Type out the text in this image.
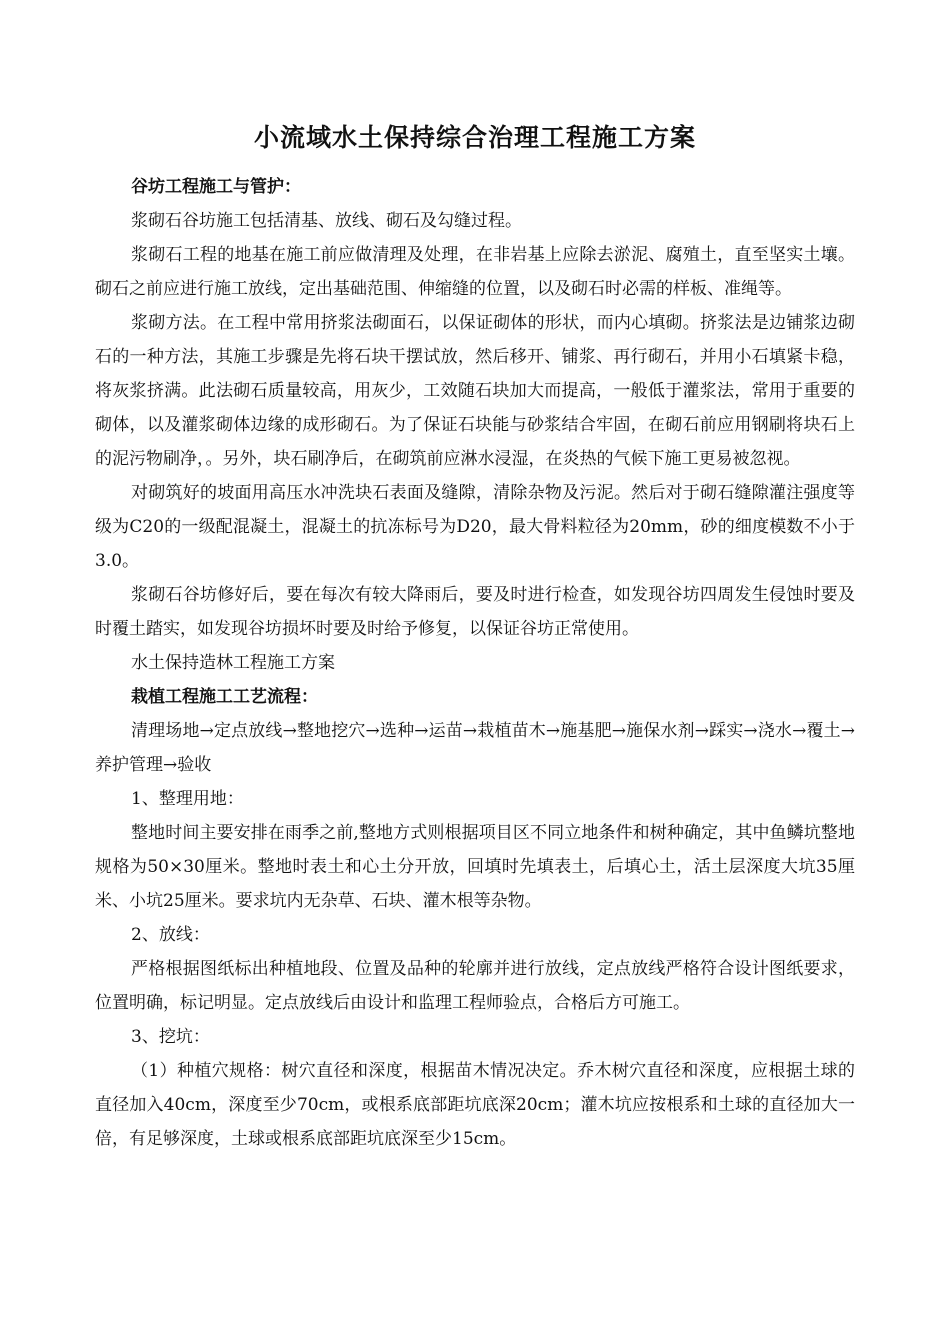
小流域水土保持综合治理工程施工方案

谷坊工程施工与管护：

浆砌石谷坊施工包括清基、放线、砌石及勾缝过程。

浆砌石工程的地基在施工前应做清理及处理，在非岩基上应除去淤泥、腐殖土，直至坚实土壤。砌石之前应进行施工放线，定出基础范围、伸缩缝的位置，以及砌石时必需的样板、准绳等。

浆砌方法。在工程中常用挤浆法砌面石，以保证砌体的形状，而内心填砌。挤浆法是边铺浆边砌石的一种方法，其施工步骤是先将石块干摆试放，然后移开、铺浆、再行砌石，并用小石填紧卡稳，将灰浆挤满。此法砌石质量较高，用灰少，工效随石块加大而提高，一般低于灌浆法，常用于重要的砌体，以及灌浆砌体边缘的成形砌石。为了保证石块能与砂浆结合牢固，在砌石前应用钢刷将块石上的泥污物刷净，。另外，块石刷净后，在砌筑前应淋水浸湿，在炎热的气候下施工更易被忽视。

对砌筑好的坡面用高压水冲洗块石表面及缝隙，清除杂物及污泥。然后对于砌石缝隙灌注强度等级为C20的一级配混凝土，混凝土的抗冻标号为D20，最大骨料粒径为20mm，砂的细度模数不小于3.0。

浆砌石谷坊修好后，要在每次有较大降雨后，要及时进行检查，如发现谷坊四周发生侵蚀时要及时覆土踏实，如发现谷坊损坏时要及时给予修复，以保证谷坊正常使用。

水土保持造林工程施工方案

栽植工程施工工艺流程：

清理场地→定点放线→整地挖穴→选种→运苗→栽植苗木→施基肥→施保水剂→踩实→浇水→覆土→养护管理→验收

1、整理用地：

整地时间主要安排在雨季之前,整地方式则根据项目区不同立地条件和树种确定，其中鱼鳞坑整地规格为50×30厘米。整地时表土和心土分开放，回填时先填表土，后填心土，活土层深度大坑35厘米、小坑25厘米。要求坑内无杂草、石块、灌木根等杂物。

2、放线：

严格根据图纸标出种植地段、位置及品种的轮廓并进行放线，定点放线严格符合设计图纸要求，位置明确，标记明显。定点放线后由设计和监理工程师验点，合格后方可施工。

3、挖坑：

（1）种植穴规格：树穴直径和深度，根据苗木情况决定。乔木树穴直径和深度，应根据土球的直径加入40cm，深度至少70cm，或根系底部距坑底深20cm；灌木坑应按根系和土球的直径加大一倍，有足够深度，土球或根系底部距坑底深至少15cm。
